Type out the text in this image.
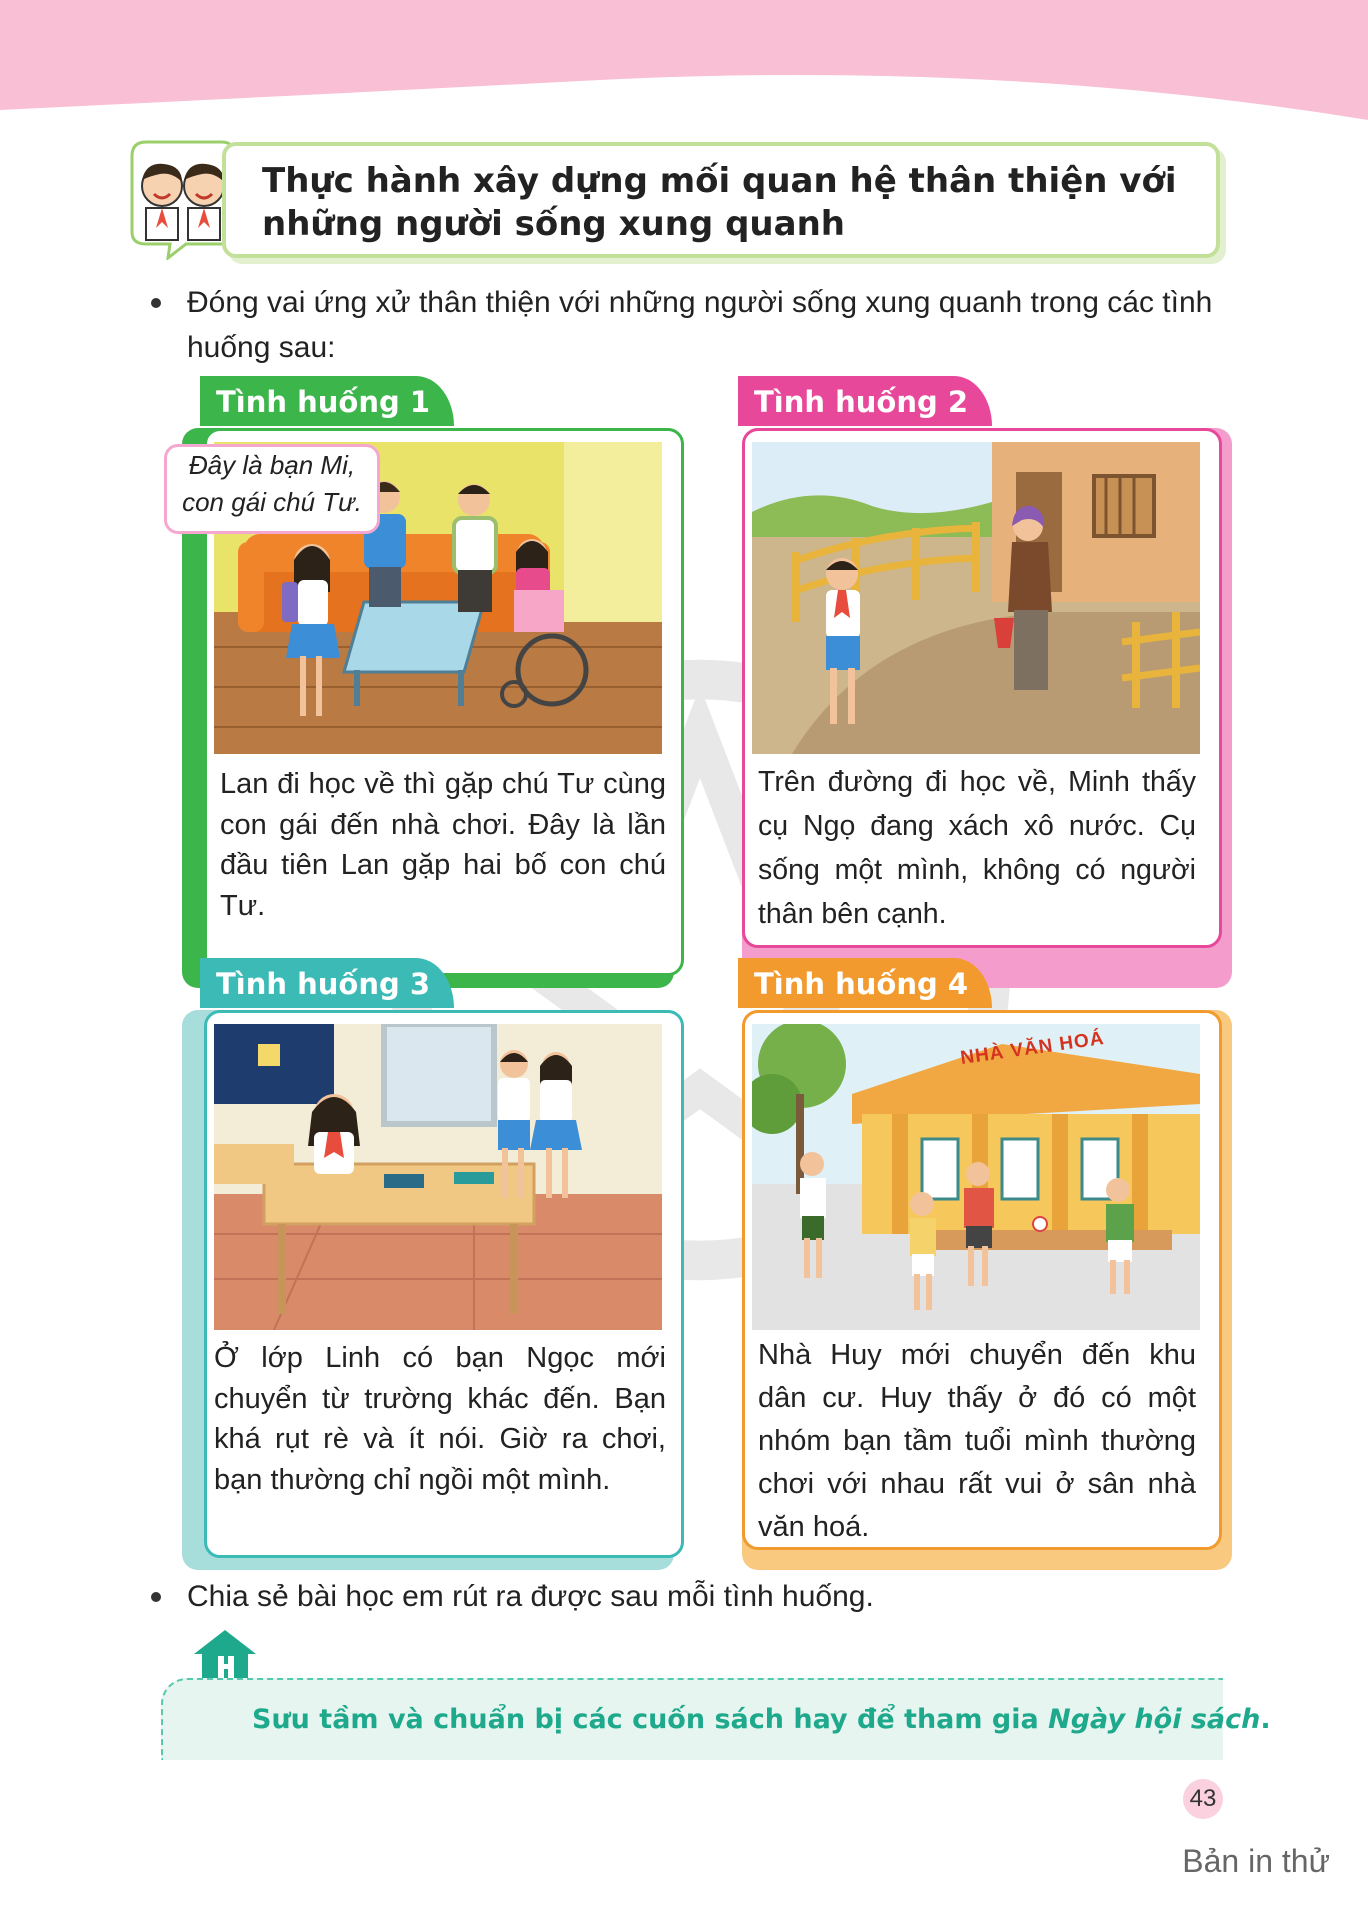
Thực hành xây dựng mối quan hệ thân thiện với những người sống xung quanh
Đóng vai ứng xử thân thiện với những người sống xung quanh trong các tình huống sau:
Tình huống 1
Lan đi học về thì gặp chú Tư cùng con gái đến nhà chơi. Đây là lần đầu tiên Lan gặp hai bố con chú Tư.
Đây là bạn Mi,
con gái chú Tư.
Tình huống 2
Trên đường đi học về, Minh thấy cụ Ngọ đang xách xô nước. Cụ sống một mình, không có người thân bên cạnh.
Tình huống 3
Ở lớp Linh có bạn Ngọc mới chuyển từ trường khác đến. Bạn khá rụt rè và ít nói. Giờ ra chơi, bạn thường chỉ ngồi một mình.
NHÀ VĂN HOÁ
Tình huống 4
Nhà Huy mới chuyển đến khu dân cư. Huy thấy ở đó có một nhóm bạn tầm tuổi mình thường chơi với nhau rất vui ở sân nhà văn hoá.
Chia sẻ bài học em rút ra được sau mỗi tình huống.
Sưu tầm và chuẩn bị các cuốn sách hay để tham gia Ngày hội sách.
43
Bản in thử
